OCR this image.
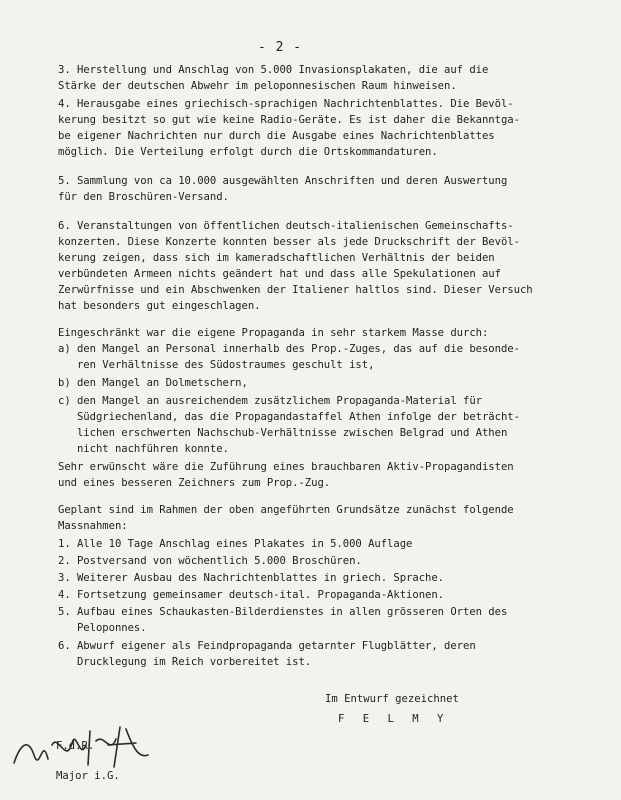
- 2 -
3. Herstellung und Anschlag von 5.000 Invasionsplakaten, die auf die
Stärke der deutschen Abwehr im peloponnesischen Raum hinweisen.
4. Herausgabe eines griechisch-sprachigen Nachrichtenblattes. Die Bevöl-
kerung besitzt so gut wie keine Radio-Geräte. Es ist daher die Bekanntga-
be eigener Nachrichten nur durch die Ausgabe eines Nachrichtenblattes
möglich. Die Verteilung erfolgt durch die Ortskommandaturen.
5. Sammlung von ca 10.000 ausgewählten Anschriften und deren Auswertung
für den Broschüren-Versand.
6. Veranstaltungen von öffentlichen deutsch-italienischen Gemeinschafts-
konzerten. Diese Konzerte konnten besser als jede Druckschrift der Bevöl-
kerung zeigen, dass sich im kameradschaftlichen Verhältnis der beiden
verbündeten Armeen nichts geändert hat und dass alle Spekulationen auf
Zerwürfnisse und ein Abschwenken der Italiener haltlos sind. Dieser Versuch
hat besonders gut eingeschlagen.
Eingeschränkt war die eigene Propaganda in sehr starkem Masse durch:
a) den Mangel an Personal innerhalb des Prop.-Zuges, das auf die besonde-
ren Verhältnisse des Südostraumes geschult ist,
b) den Mangel an Dolmetschern,
c) den Mangel an ausreichendem zusätzlichem Propaganda-Material für
Südgriechenland, das die Propagandastaffel Athen infolge der beträcht-
lichen erschwerten Nachschub-Verhältnisse zwischen Belgrad und Athen
nicht nachführen konnte.
Sehr erwünscht wäre die Zuführung eines brauchbaren Aktiv-Propagandisten
und eines besseren Zeichners zum Prop.-Zug.
Geplant sind im Rahmen der oben angeführten Grundsätze zunächst folgende
Massnahmen:
1. Alle 10 Tage Anschlag eines Plakates in 5.000 Auflage
2. Postversand von wöchentlich 5.000 Broschüren.
3. Weiterer Ausbau des Nachrichtenblattes in griech. Sprache.
4. Fortsetzung gemeinsamer deutsch-ital. Propaganda-Aktionen.
5. Aufbau eines Schaukasten-Bilderdienstes in allen grösseren Orten des
Peloponnes.
6. Abwurf eigener als Feindpropaganda getarnter Flugblätter, deren
Drucklegung im Reich vorbereitet ist.
Im Entwurf gezeichnet
F E L M Y
F.d.R.
Major i.G.
